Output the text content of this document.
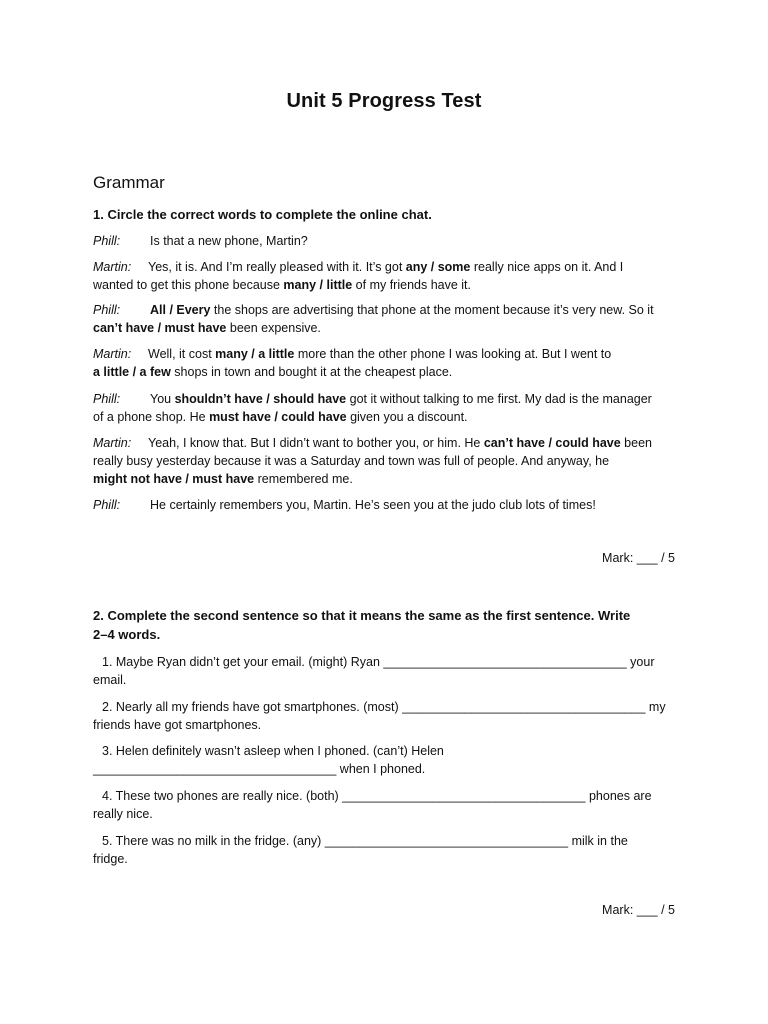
Unit 5 Progress Test
Grammar
1. Circle the correct words to complete the online chat.
Phill: Is that a new phone, Martin?
Martin: Yes, it is. And I’m really pleased with it. It’s got any / some really nice apps on it. And I
wanted to get this phone because many / little of my friends have it.
Phill: All / Every the shops are advertising that phone at the moment because it’s very new. So it
can’t have / must have been expensive.
Martin: Well, it cost many / a little more than the other phone I was looking at. But I went to
a little / a few shops in town and bought it at the cheapest place.
Phill: You shouldn’t have / should have got it without talking to me first. My dad is the manager
of a phone shop. He must have / could have given you a discount.
Martin: Yeah, I know that. But I didn’t want to bother you, or him. He can’t have / could have been
really busy yesterday because it was a Saturday and town was full of people. And anyway, he
might not have / must have remembered me.
Phill: He certainly remembers you, Martin. He’s seen you at the judo club lots of times!
Mark: ___ / 5
2. Complete the second sentence so that it means the same as the first sentence. Write
2–4 words.
1. Maybe Ryan didn’t get your email. (might) Ryan ___________________________________ your
email.
2. Nearly all my friends have got smartphones. (most) ___________________________________ my
friends have got smartphones.
3. Helen definitely wasn’t asleep when I phoned. (can’t) Helen
___________________________________ when I phoned.
4. These two phones are really nice. (both) ___________________________________ phones are
really nice.
5. There was no milk in the fridge. (any) ___________________________________ milk in the
fridge.
Mark: ___ / 5
